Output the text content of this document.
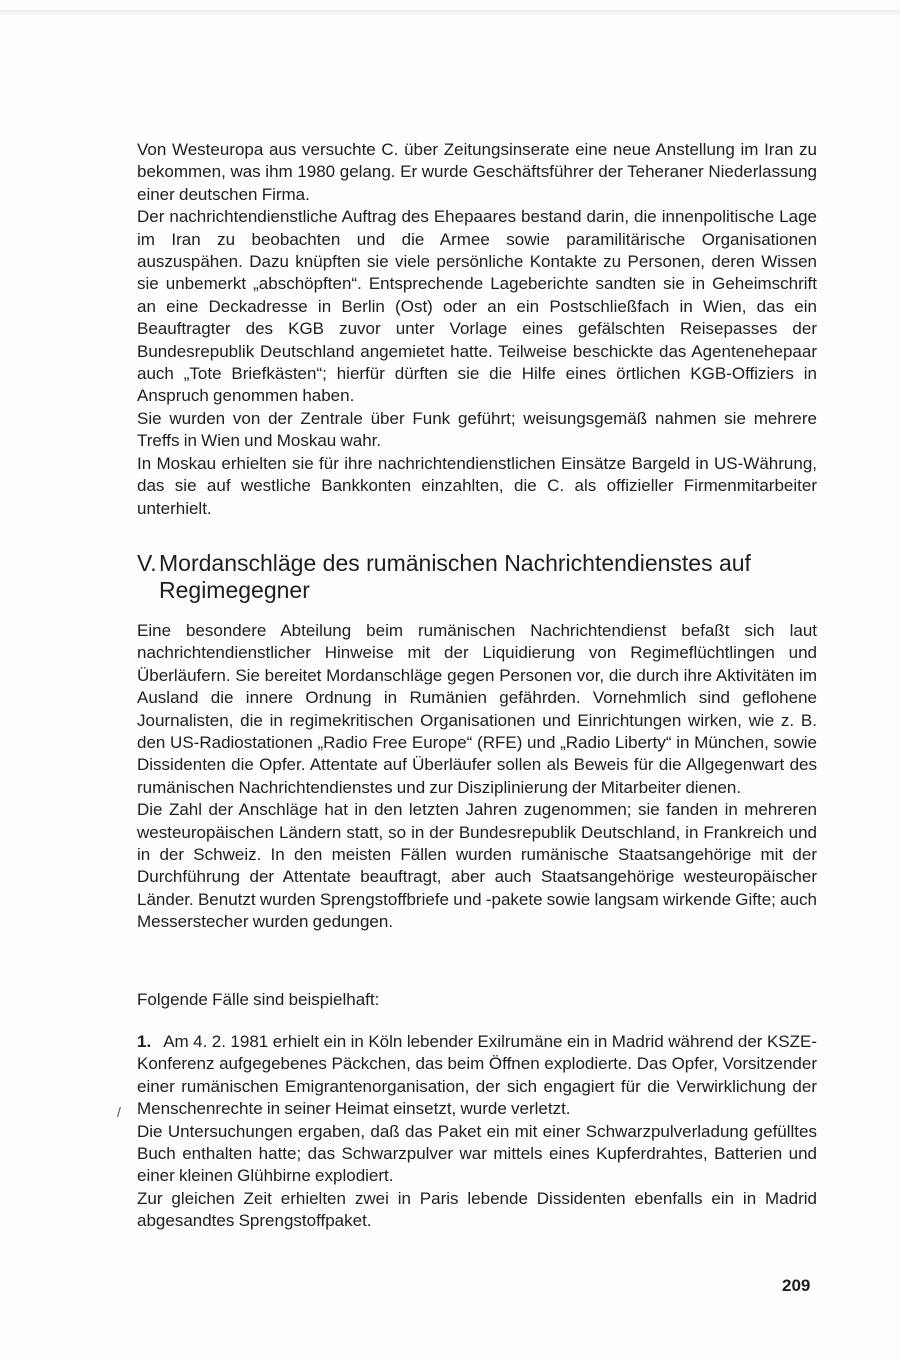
Von Westeuropa aus versuchte C. über Zeitungsinserate eine neue Anstellung im Iran zu bekommen, was ihm 1980 gelang. Er wurde Geschäftsführer der Teheraner Niederlassung einer deutschen Firma.

Der nachrichtendienstliche Auftrag des Ehepaares bestand darin, die innenpolitische Lage im Iran zu beobachten und die Armee sowie paramilitärische Organisationen auszuspähen. Dazu knüpften sie viele persönliche Kontakte zu Personen, deren Wissen sie unbemerkt „abschöpften“. Entsprechende Lageberichte sandten sie in Geheimschrift an eine Deckadresse in Berlin (Ost) oder an ein Postschließfach in Wien, das ein Beauftragter des KGB zuvor unter Vorlage eines gefälschten Reisepasses der Bundesrepublik Deutschland angemietet hatte. Teilweise beschickte das Agentenehepaar auch „Tote Briefkästen“; hierfür dürften sie die Hilfe eines örtlichen KGB-Offiziers in Anspruch genommen haben.

Sie wurden von der Zentrale über Funk geführt; weisungsgemäß nahmen sie mehrere Treffs in Wien und Moskau wahr.

In Moskau erhielten sie für ihre nachrichtendienstlichen Einsätze Bargeld in US-Währung, das sie auf westliche Bankkonten einzahlten, die C. als offizieller Firmenmitarbeiter unterhielt.

V. Mordanschläge des rumänischen Nachrichtendienstes auf
Regimegegner

Eine besondere Abteilung beim rumänischen Nachrichtendienst befaßt sich laut nachrichtendienstlicher Hinweise mit der Liquidierung von Regimeflüchtlingen und Überläufern. Sie bereitet Mordanschläge gegen Personen vor, die durch ihre Aktivitäten im Ausland die innere Ordnung in Rumänien gefährden. Vornehmlich sind geflohene Journalisten, die in regimekritischen Organisationen und Einrichtungen wirken, wie z. B. den US-Radiostationen „Radio Free Europe“ (RFE) und „Radio Liberty“ in München, sowie Dissidenten die Opfer. Attentate auf Überläufer sollen als Beweis für die Allgegenwart des rumänischen Nachrichtendienstes und zur Disziplinierung der Mitarbeiter dienen.

Die Zahl der Anschläge hat in den letzten Jahren zugenommen; sie fanden in mehreren westeuropäischen Ländern statt, so in der Bundesrepublik Deutschland, in Frankreich und in der Schweiz. In den meisten Fällen wurden rumänische Staatsangehörige mit der Durchführung der Attentate beauftragt, aber auch Staatsangehörige westeuropäischer Länder. Benutzt wurden Sprengstoffbriefe und -pakete sowie langsam wirkende Gifte; auch Messerstecher wurden gedungen.

Folgende Fälle sind beispielhaft:

1. Am 4. 2. 1981 erhielt ein in Köln lebender Exilrumäne ein in Madrid während der KSZE-Konferenz aufgegebenes Päckchen, das beim Öffnen explodierte. Das Opfer, Vorsitzender einer rumänischen Emigrantenorganisation, der sich engagiert für die Verwirklichung der Menschenrechte in seiner Heimat einsetzt, wurde verletzt.

Die Untersuchungen ergaben, daß das Paket ein mit einer Schwarzpulverladung gefülltes Buch enthalten hatte; das Schwarzpulver war mittels eines Kupferdrahtes, Batterien und einer kleinen Glühbirne explodiert.

Zur gleichen Zeit erhielten zwei in Paris lebende Dissidenten ebenfalls ein in Madrid abgesandtes Sprengstoffpaket.

/
209
